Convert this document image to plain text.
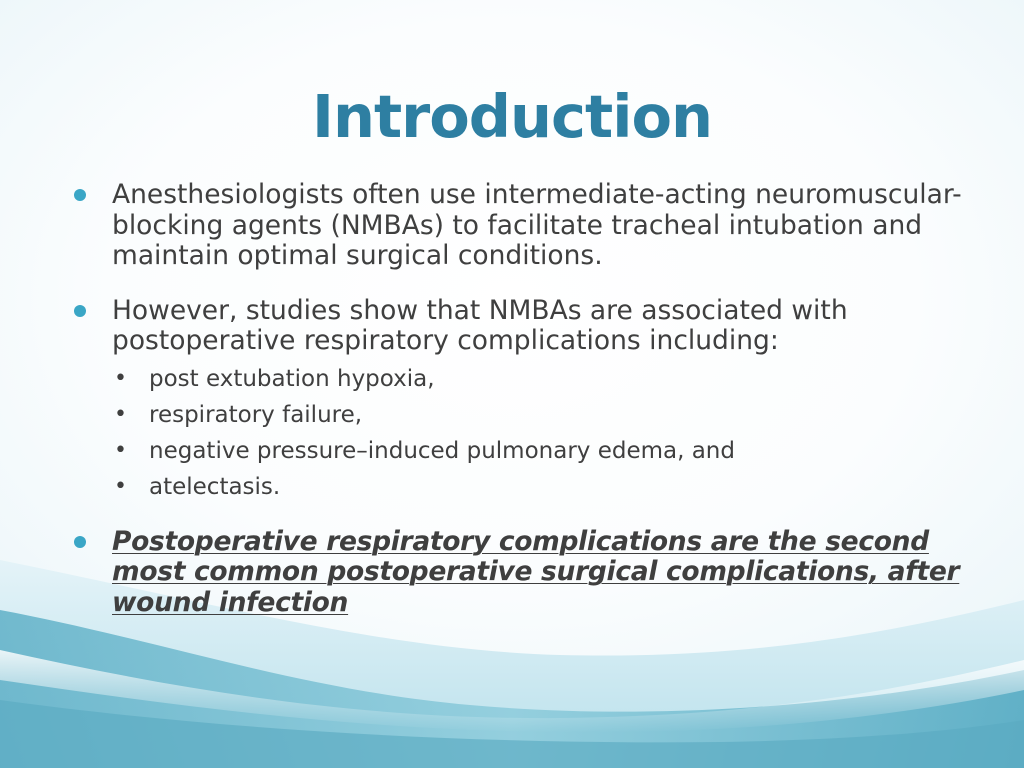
Introduction
Anesthesiologists often use intermediate-acting neuromuscular-blocking agents (NMBAs) to facilitate tracheal intubation and maintain optimal surgical conditions.
However, studies show that NMBAs are associated with postoperative respiratory complications including:
• post extubation hypoxia,
• respiratory failure,
• negative pressure–induced pulmonary edema, and
• atelectasis.
Postoperative respiratory complications are the second most common postoperative surgical complications, after wound infection
